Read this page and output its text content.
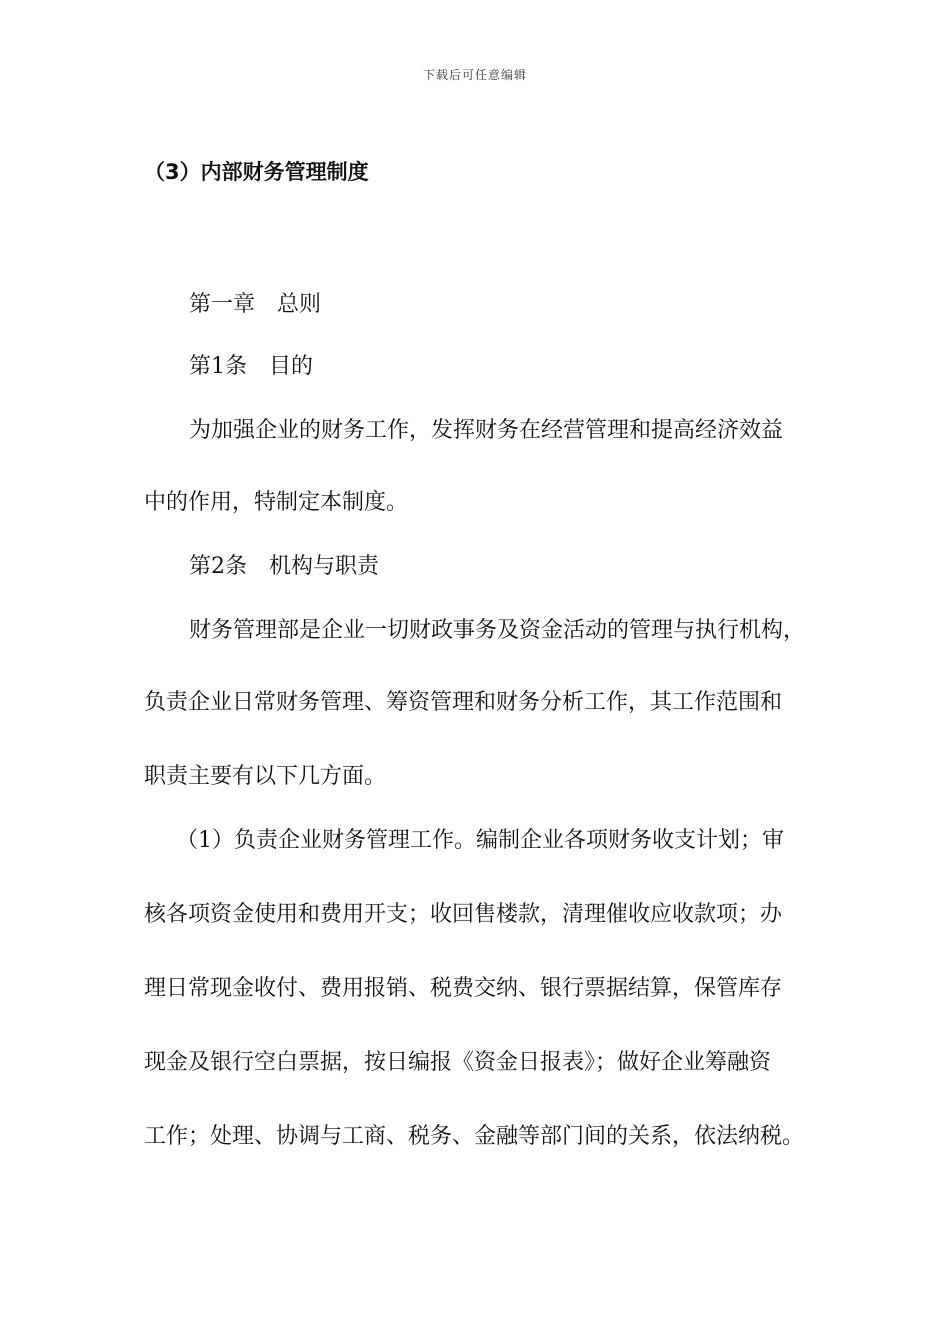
下载后可任意编辑
（3）内部财务管理制度
第一章 总则
第1条 目的
为加强企业的财务工作，发挥财务在经营管理和提高经济效益
中的作用，特制定本制度。
第2条 机构与职责
财务管理部是企业一切财政事务及资金活动的管理与执行机构，
负责企业日常财务管理、筹资管理和财务分析工作，其工作范围和
职责主要有以下几方面。
（1）负责企业财务管理工作。编制企业各项财务收支计划；审
核各项资金使用和费用开支；收回售楼款，清理催收应收款项；办
理日常现金收付、费用报销、税费交纳、银行票据结算，保管库存
现金及银行空白票据，按日编报《资金日报表》；做好企业筹融资
工作；处理、协调与工商、税务、金融等部门间的关系，依法纳税。
